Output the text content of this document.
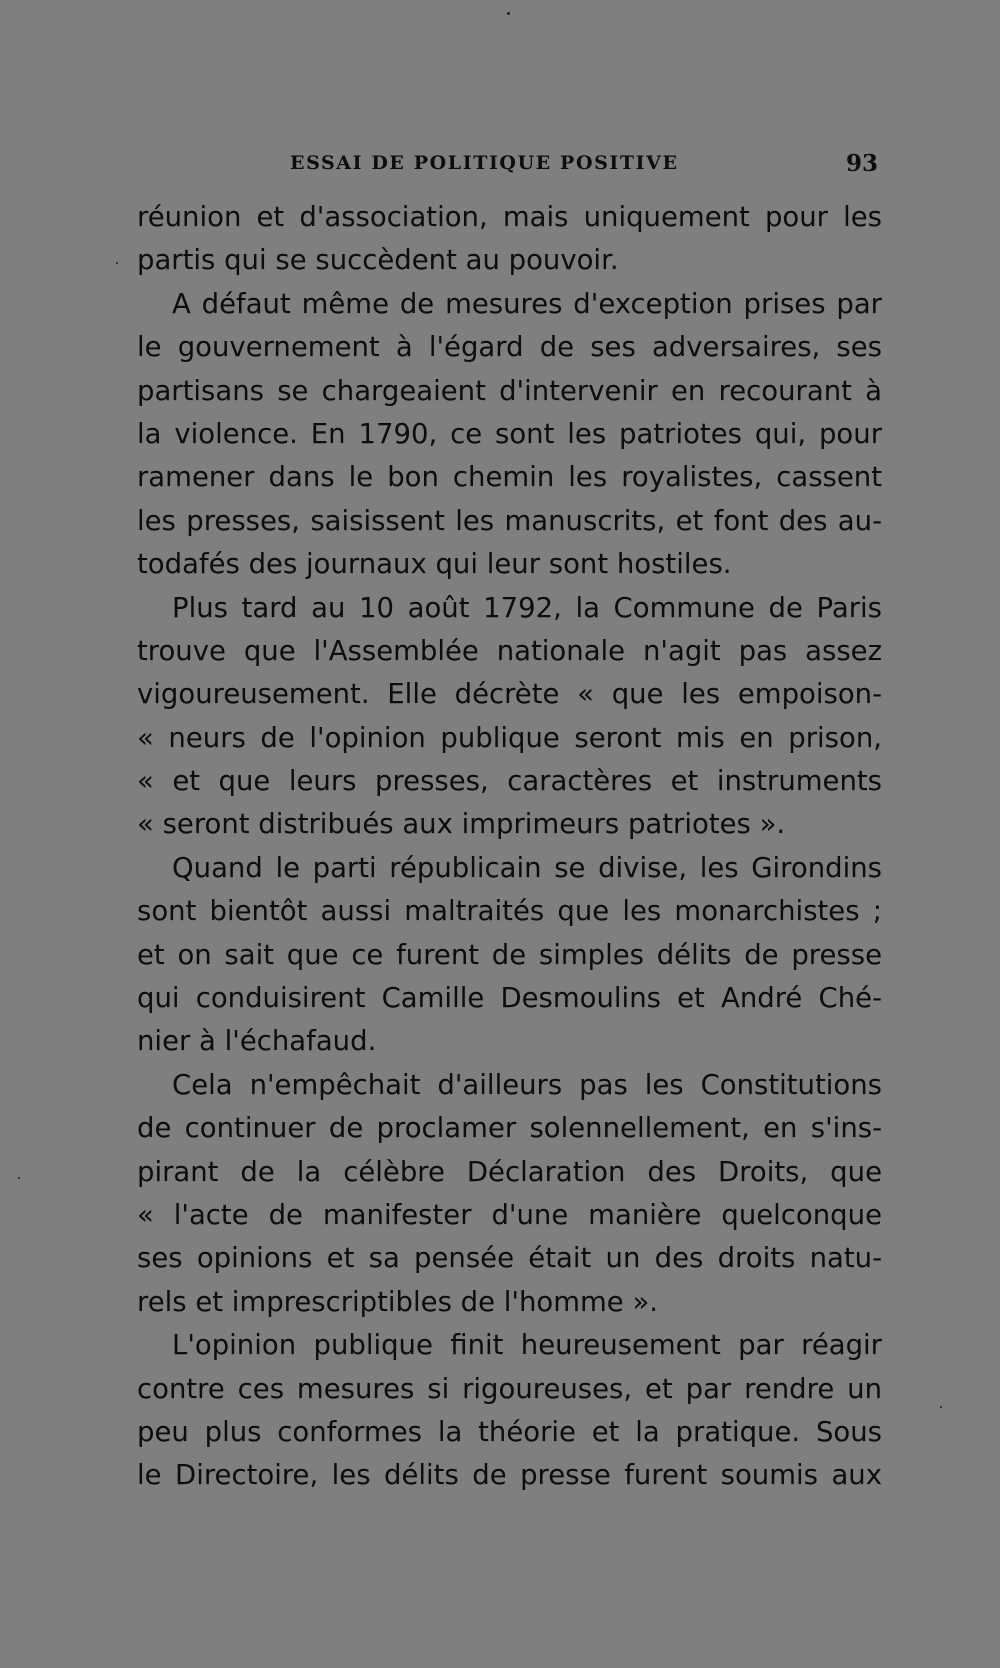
ESSAI DE POLITIQUE POSITIVE	93
réunion et d'association, mais uniquement pour les
partis qui se succèdent au pouvoir.
A défaut même de mesures d'exception prises par
le gouvernement à l'égard de ses adversaires, ses
partisans se chargeaient d'intervenir en recourant à
la violence. En 1790, ce sont les patriotes qui, pour
ramener dans le bon chemin les royalistes, cassent
les presses, saisissent les manuscrits, et font des au-
todafés des journaux qui leur sont hostiles.
Plus tard au 10 août 1792, la Commune de Paris
trouve que l'Assemblée nationale n'agit pas assez
vigoureusement. Elle décrète « que les empoison-
« neurs de l'opinion publique seront mis en prison,
« et que leurs presses, caractères et instruments
« seront distribués aux imprimeurs patriotes ».
Quand le parti républicain se divise, les Girondins
sont bientôt aussi maltraités que les monarchistes ;
et on sait que ce furent de simples délits de presse
qui conduisirent Camille Desmoulins et André Ché-
nier à l'échafaud.
Cela n'empêchait d'ailleurs pas les Constitutions
de continuer de proclamer solennellement, en s'ins-
pirant de la célèbre Déclaration des Droits, que
« l'acte de manifester d'une manière quelconque
ses opinions et sa pensée était un des droits natu-
rels et imprescriptibles de l'homme ».
L'opinion publique finit heureusement par réagir
contre ces mesures si rigoureuses, et par rendre un
peu plus conformes la théorie et la pratique. Sous
le Directoire, les délits de presse furent soumis aux
